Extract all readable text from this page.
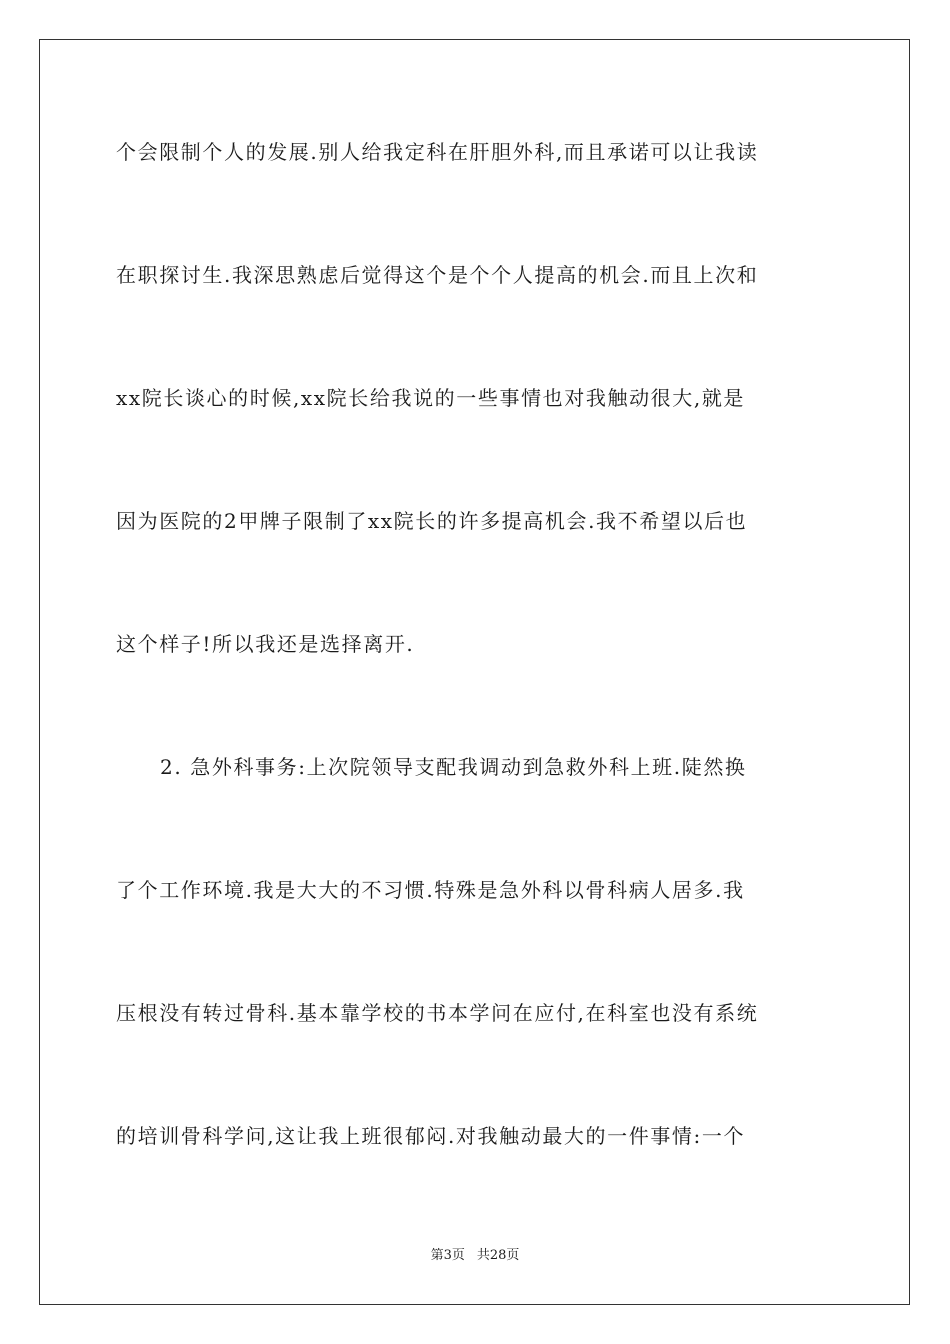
个会限制个人的发展.别人给我定科在肝胆外科,而且承诺可以让我读
在职探讨生.我深思熟虑后觉得这个是个个人提高的机会.而且上次和
xx院长谈心的时候,xx院长给我说的一些事情也对我触动很大,就是
因为医院的2甲牌子限制了xx院长的许多提高机会.我不希望以后也
这个样子!所以我还是选择离开.
2. 急外科事务:上次院领导支配我调动到急救外科上班.陡然换
了个工作环境.我是大大的不习惯.特殊是急外科以骨科病人居多.我
压根没有转过骨科.基本靠学校的书本学问在应付,在科室也没有系统
的培训骨科学问,这让我上班很郁闷.对我触动最大的一件事情:一个
第3页 共28页
